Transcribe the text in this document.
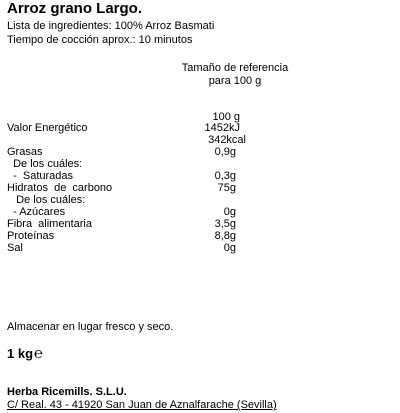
Arroz grano Largo.
Lista de ingredientes: 100% Arroz Basmati
Tiempo de cocción aprox.: 10 minutos
Tamaño de referencia
para 100 g
100 g
Valor Energético	1452kJ
342kcal
Grasas	0,9g
De los cuáles:
-  Saturadas	0,3g
Hidratos  de  carbono	75g
De los cuáles:
- Azúcares	0g
Fibra  alimentaria	3,5g
Proteínas	8,8g
Sal	0g
Almacenar en lugar fresco y seco.
1 kg℮
Herba Ricemills. S.L.U.
C/ Real. 43 - 41920 San Juan de Aznalfarache (Sevilla)
